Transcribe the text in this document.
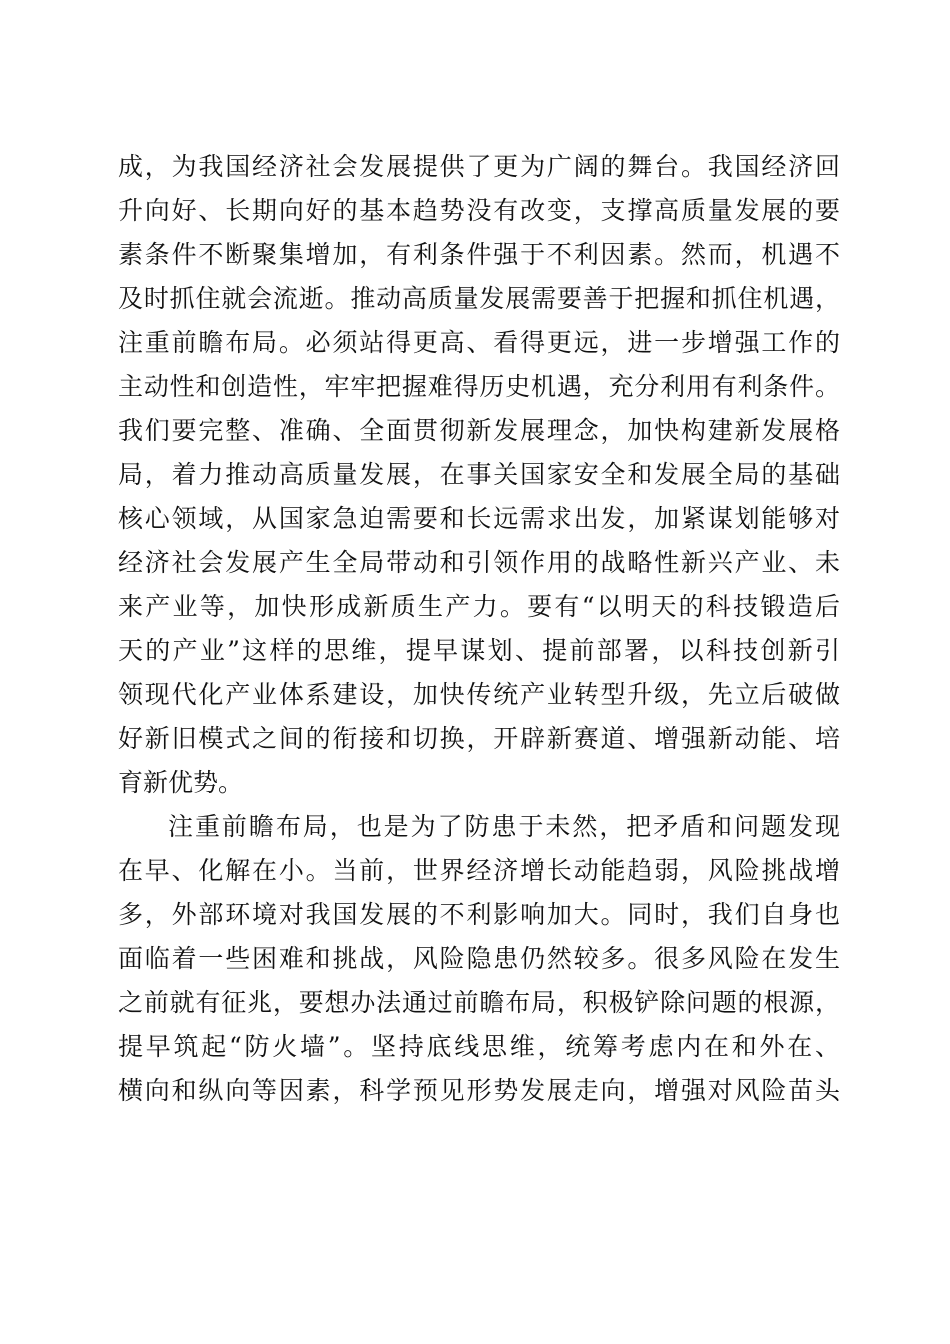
成，为我国经济社会发展提供了更为广阔的舞台。我国经济回
升向好、长期向好的基本趋势没有改变，支撑高质量发展的要
素条件不断聚集增加，有利条件强于不利因素。然而，机遇不
及时抓住就会流逝。推动高质量发展需要善于把握和抓住机遇，
注重前瞻布局。必须站得更高、看得更远，进一步增强工作的
主动性和创造性，牢牢把握难得历史机遇，充分利用有利条件。
我们要完整、准确、全面贯彻新发展理念，加快构建新发展格
局，着力推动高质量发展，在事关国家安全和发展全局的基础
核心领域，从国家急迫需要和长远需求出发，加紧谋划能够对
经济社会发展产生全局带动和引领作用的战略性新兴产业、未
来产业等，加快形成新质生产力。要有“以明天的科技锻造后
天的产业”这样的思维，提早谋划、提前部署，以科技创新引
领现代化产业体系建设，加快传统产业转型升级，先立后破做
好新旧模式之间的衔接和切换，开辟新赛道、增强新动能、培
育新优势。
注重前瞻布局，也是为了防患于未然，把矛盾和问题发现
在早、化解在小。当前，世界经济增长动能趋弱，风险挑战增
多，外部环境对我国发展的不利影响加大。同时，我们自身也
面临着一些困难和挑战，风险隐患仍然较多。很多风险在发生
之前就有征兆，要想办法通过前瞻布局，积极铲除问题的根源，
提早筑起“防火墙”。坚持底线思维，统筹考虑内在和外在、
横向和纵向等因素，科学预见形势发展走向，增强对风险苗头
